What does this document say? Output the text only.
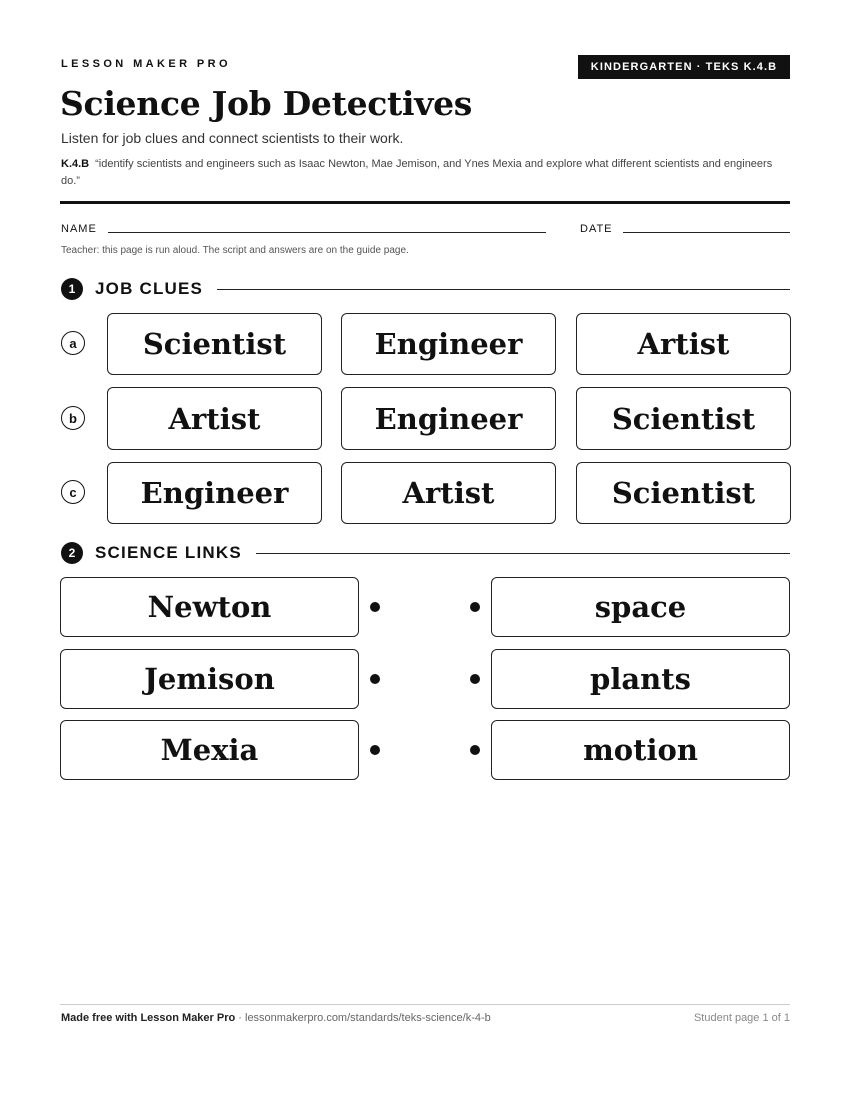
LESSON MAKER PRO	KINDERGARTEN · TEKS K.4.B
Science Job Detectives
Listen for job clues and connect scientists to their work.
K.4.B “identify scientists and engineers such as Isaac Newton, Mae Jemison, and Ynes Mexia and explore what different scientists and engineers do.”
NAME	DATE
Teacher: this page is run aloud. The script and answers are on the guide page.
1	JOB CLUES
a	Scientist	Engineer	Artist
b	Artist	Engineer	Scientist
c	Engineer	Artist	Scientist
2	SCIENCE LINKS
Newton	space
Jemison	plants
Mexia	motion
Made free with Lesson Maker Pro · lessonmakerpro.com/standards/teks-science/k-4-b	Student page 1 of 1
